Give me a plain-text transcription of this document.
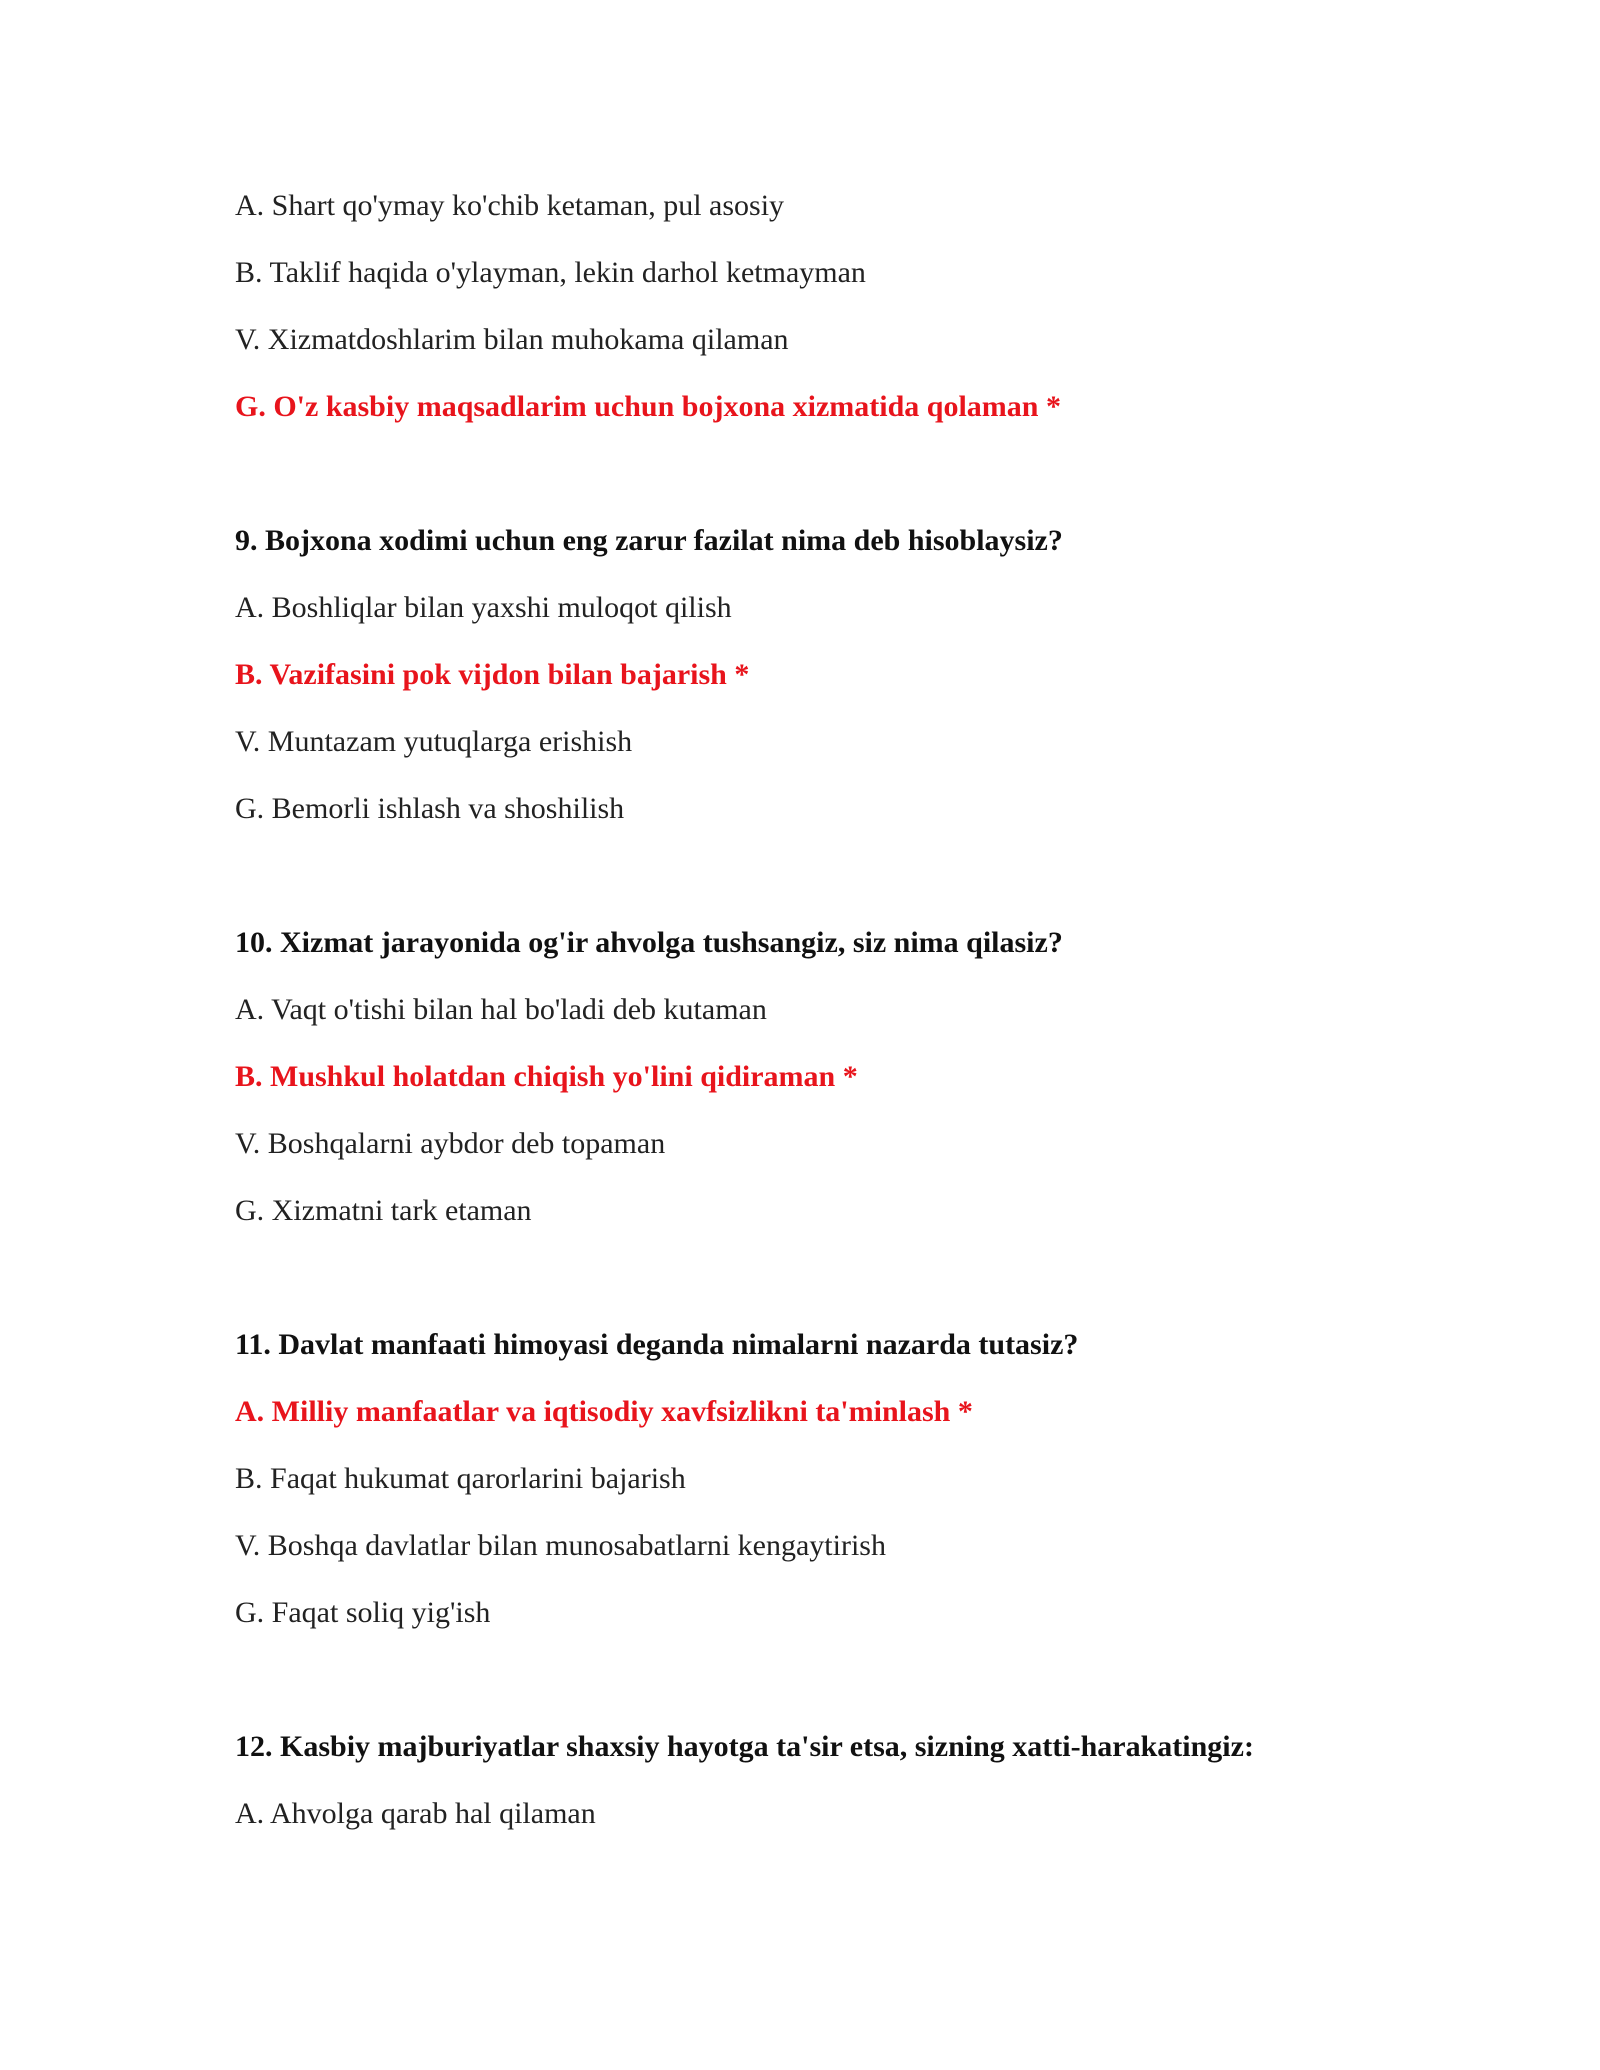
A. Shart qo'ymay ko'chib ketaman, pul asosiy
B. Taklif haqida o'ylayman, lekin darhol ketmayman
V. Xizmatdoshlarim bilan muhokama qilaman
G. O'z kasbiy maqsadlarim uchun bojxona xizmatida qolaman *
9. Bojxona xodimi uchun eng zarur fazilat nima deb hisoblaysiz?
A. Boshliqlar bilan yaxshi muloqot qilish
B. Vazifasini pok vijdon bilan bajarish *
V. Muntazam yutuqlarga erishish
G. Bemorli ishlash va shoshilish
10. Xizmat jarayonida og'ir ahvolga tushsangiz, siz nima qilasiz?
A. Vaqt o'tishi bilan hal bo'ladi deb kutaman
B. Mushkul holatdan chiqish yo'lini qidiraman *
V. Boshqalarni aybdor deb topaman
G. Xizmatni tark etaman
11. Davlat manfaati himoyasi deganda nimalarni nazarda tutasiz?
A. Milliy manfaatlar va iqtisodiy xavfsizlikni ta'minlash *
B. Faqat hukumat qarorlarini bajarish
V. Boshqa davlatlar bilan munosabatlarni kengaytirish
G. Faqat soliq yig'ish
12. Kasbiy majburiyatlar shaxsiy hayotga ta'sir etsa, sizning xatti-harakatingiz:
A. Ahvolga qarab hal qilaman
